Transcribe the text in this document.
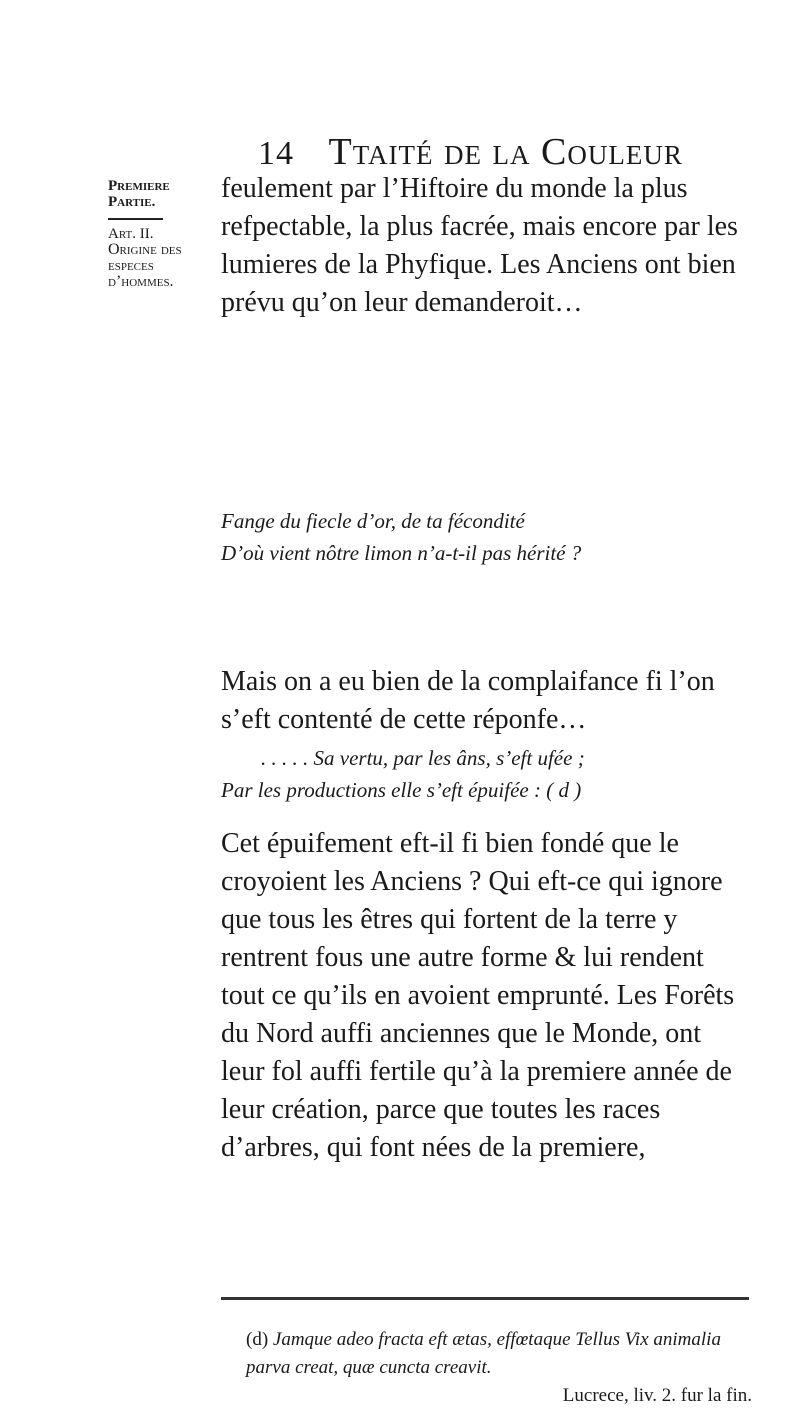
14 Ttaité de la Couleur
Premiere Partie.
Art. II.
Origine des especes d’hommes.
feulement par l’Hiftoire du monde la plus
refpectable, la plus facrée, mais encore par les lumieres de la Phyfique. Les Anciens ont bien prévu qu’on leur demanderoit…
Fange du fiecle d’or, de ta fécondité
D’où vient nôtre limon n’a-t-il pas hérité ?
Mais on a eu bien de la complaifance fi l’on s’eft contenté de cette réponfe…
. . . . . Sa vertu, par les âns, s’eft ufée ;
Par les productions elle s’eft épuifée : ( d )
Cet épuifement eft-il fi bien fondé que le croyoient les Anciens ? Qui eft-ce qui ignore que tous les êtres qui fortent de la terre y rentrent fous une autre forme & lui rendent tout ce qu’ils en avoient emprunté. Les Forêts du Nord auffi anciennes que le Monde, ont leur fol auffi fertile qu’à la premiere année de leur création, parce que toutes les races d’arbres, qui font nées de la premiere,
(d) Jamque adeo fracta eft ætas, effœtaque Tellus Vix animalia parva creat, quæ cuncta creavit.
Lucrece, liv. 2. fur la fin.
